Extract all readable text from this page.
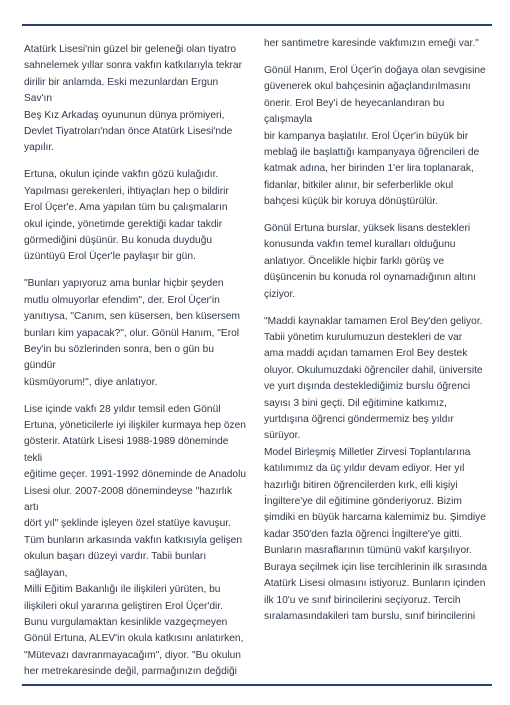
Atatürk Lisesi'nin güzel bir geleneği olan tiyatro
sahnelemek yıllar sonra vakfın katkılarıyla tekrar
dirilir bir anlamda. Eski mezunlardan Ergun Sav'ın
Beş Kız Arkadaş oyununun dünya prömiyeri,
Devlet Tiyatroları'ndan önce Atatürk Lisesi'nde
yapılır.

Ertuna, okulun içinde vakfın gözü kulağıdır.
Yapılması gerekenleri, ihtiyaçları hep o bildirir
Erol Üçer'e. Ama yapılan tüm bu çalışmaların
okul içinde, yönetimde gerektiği kadar takdir
görmediğini düşünür. Bu konuda duyduğu
üzüntüyü Erol Üçer'le paylaşır bir gün.

"Bunları yapıyoruz ama bunlar hiçbir şeyden
mutlu olmuyorlar efendim", der. Erol Üçer'in
yanıtıysa, "Canım, sen küsersen, ben küsersem
bunları kim yapacak?", olur. Gönül Hanım, "Erol
Bey'in bu sözlerinden sonra, ben o gün bu gündür
küsmüyorum!", diye anlatıyor.

Lise içinde vakfı 28 yıldır temsil eden Gönül
Ertuna, yöneticilerle iyi ilişkiler kurmaya hep özen
gösterir. Atatürk Lisesi 1988-1989 döneminde tekli
eğitime geçer. 1991-1992 döneminde de Anadolu
Lisesi olur. 2007-2008 dönemindeyse "hazırlık artı
dört yıl" şeklinde işleyen özel statüye kavuşur.
Tüm bunların arkasında vakfın katkısıyla gelişen
okulun başarı düzeyi vardır. Tabii bunları sağlayan,
Milli Eğitim Bakanlığı ile ilişkileri yürüten, bu
ilişkileri okul yararına geliştiren Erol Üçer'dir.
Bunu vurgulamaktan kesinlikle vazgeçmeyen
Gönül Ertuna, ALEV'in okula katkısını anlatırken,
"Mütevazı davranmayacağım", diyor. "Bu okulun
her metrekaresinde değil, parmağınızın değdiği

her santimetre karesinde vakfımızın emeği var."

Gönül Hanım, Erol Üçer'in doğaya olan sevgisine
güvenerek okul bahçesinin ağaçlandırılmasını
önerir. Erol Bey'i de heyecanlandıran bu çalışmayla
bir kampanya başlatılır. Erol Üçer'in büyük bir
meblağ ile başlattığı kampanyaya öğrencileri de
katmak adına, her birinden 1'er lira toplanarak,
fidanlar, bitkiler alınır, bir seferberlikle okul
bahçesi küçük bir koruya dönüştürülür.

Gönül Ertuna burslar, yüksek lisans destekleri
konusunda vakfın temel kuralları olduğunu
anlatıyor. Öncelikle hiçbir farklı görüş ve
düşüncenin bu konuda rol oynamadığının altını
çiziyor.

"Maddi kaynaklar tamamen Erol Bey'den geliyor.
Tabii yönetim kurulumuzun destekleri de var
ama maddi açıdan tamamen Erol Bey destek
oluyor. Okulumuzdaki öğrenciler dahil, üniversite
ve yurt dışında desteklediğimiz burslu öğrenci
sayısı 3 bini geçti. Dil eğitimine katkımız,
yurtdışına öğrenci göndermemiz beş yıldır sürüyor.
Model Birleşmiş Milletler Zirvesi Toplantılarına
katılımımız da üç yıldır devam ediyor. Her yıl
hazırlığı bitiren öğrencilerden kırk, elli kişiyi
İngiltere'ye dil eğitimine gönderiyoruz. Bizim
şimdiki en büyük harcama kalemimiz bu. Şimdiye
kadar 350'den fazla öğrenci İngiltere'ye gitti.
Bunların masraflarının tümünü vakıf karşılıyor.
Buraya seçilmek için lise tercihlerinin ilk sırasında
Atatürk Lisesi olmasını istiyoruz. Bunların içinden
ilk 10'u ve sınıf birincilerini seçiyoruz. Tercih
sıralamasındakileri tam burslu, sınıf birincilerini
